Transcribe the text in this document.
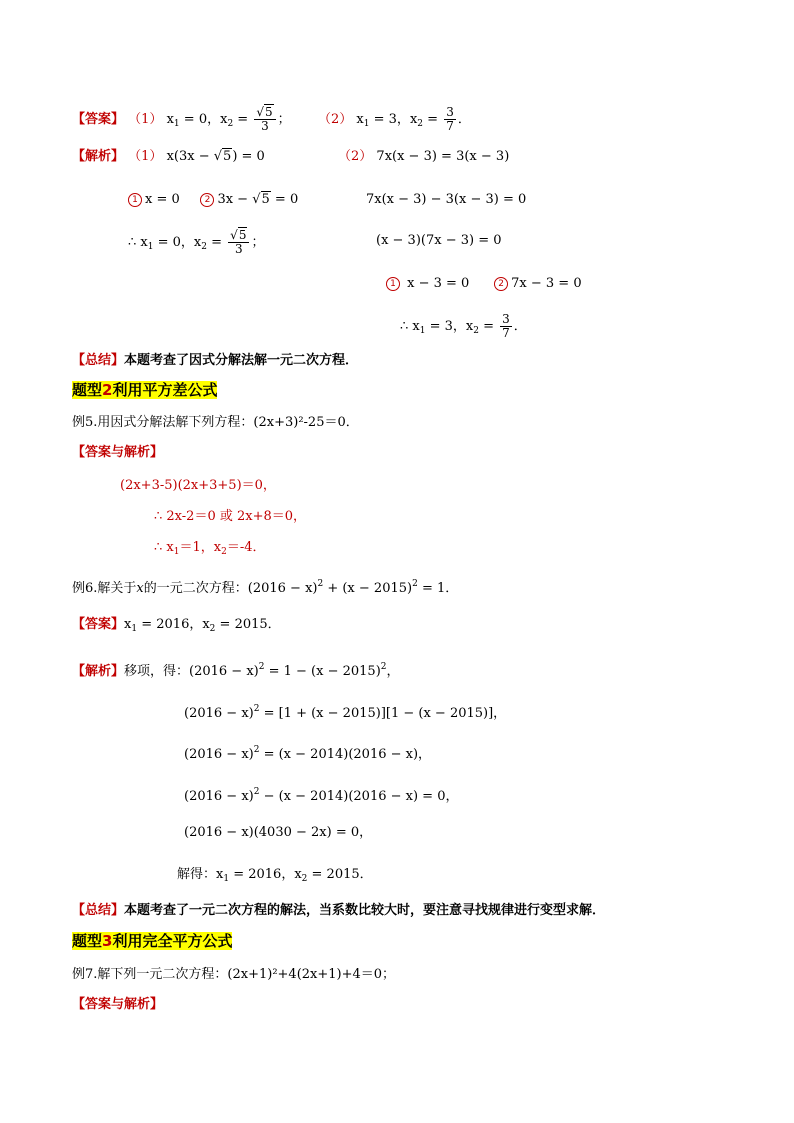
【答案】 （1） $x_1 = 0$，$x_2 = \frac{√5}{3}$ ； （2） $x_1 = 3$，$x_2 = \frac{3}{7}$ ．
【解析】 （1） x(3x − √5) = 0	（2） 7x(x − 3) = 3(x − 3)
1 x = 0	2 3x − √5 = 0	7x(x − 3) − 3(x − 3) = 0
∴ $x_1 = 0$，$x_2 = \frac{√5}{3}$ ；	(x − 3)(7x − 3) = 0
1 x − 3 = 0	2 7x − 3 = 0
∴ $x_1 = 3$，$x_2 = \frac{3}{7}$ ．
【总结】本题考查了因式分解法解一元二次方程．
题型2利用平方差公式
例5.用因式分解法解下列方程：(2x+3)²-25＝0．
【答案与解析】
(2x+3-5)(2x+3+5)＝0，
∴ 2x-2＝0 或 2x+8＝0，
∴ $x_1=1$，$x_2=-4$．
例6.解关于x的一元二次方程：$(2016 - x)^2 + (x - 2015)^2 = 1$．
【答案】$x_1 = 2016$，$x_2 = 2015$．
【解析】移项，得：$(2016 - x)^2 = 1 - (x - 2015)^2$，
$(2016 - x)^2 = [1 + (x - 2015)][1 - (x - 2015)]$，
$(2016 - x)^2 = (x - 2014)(2016 - x)$，
$(2016 - x)^2 - (x - 2014)(2016 - x) = 0$，
(2016 − x)(4030 − 2x) = 0，
解得：$x_1 = 2016$，$x_2 = 2015$．
【总结】本题考查了一元二次方程的解法，当系数比较大时，要注意寻找规律进行变型求解．
题型3利用完全平方公式
例7.解下列一元二次方程：(2x+1)²+4(2x+1)+4＝0；
【答案与解析】
